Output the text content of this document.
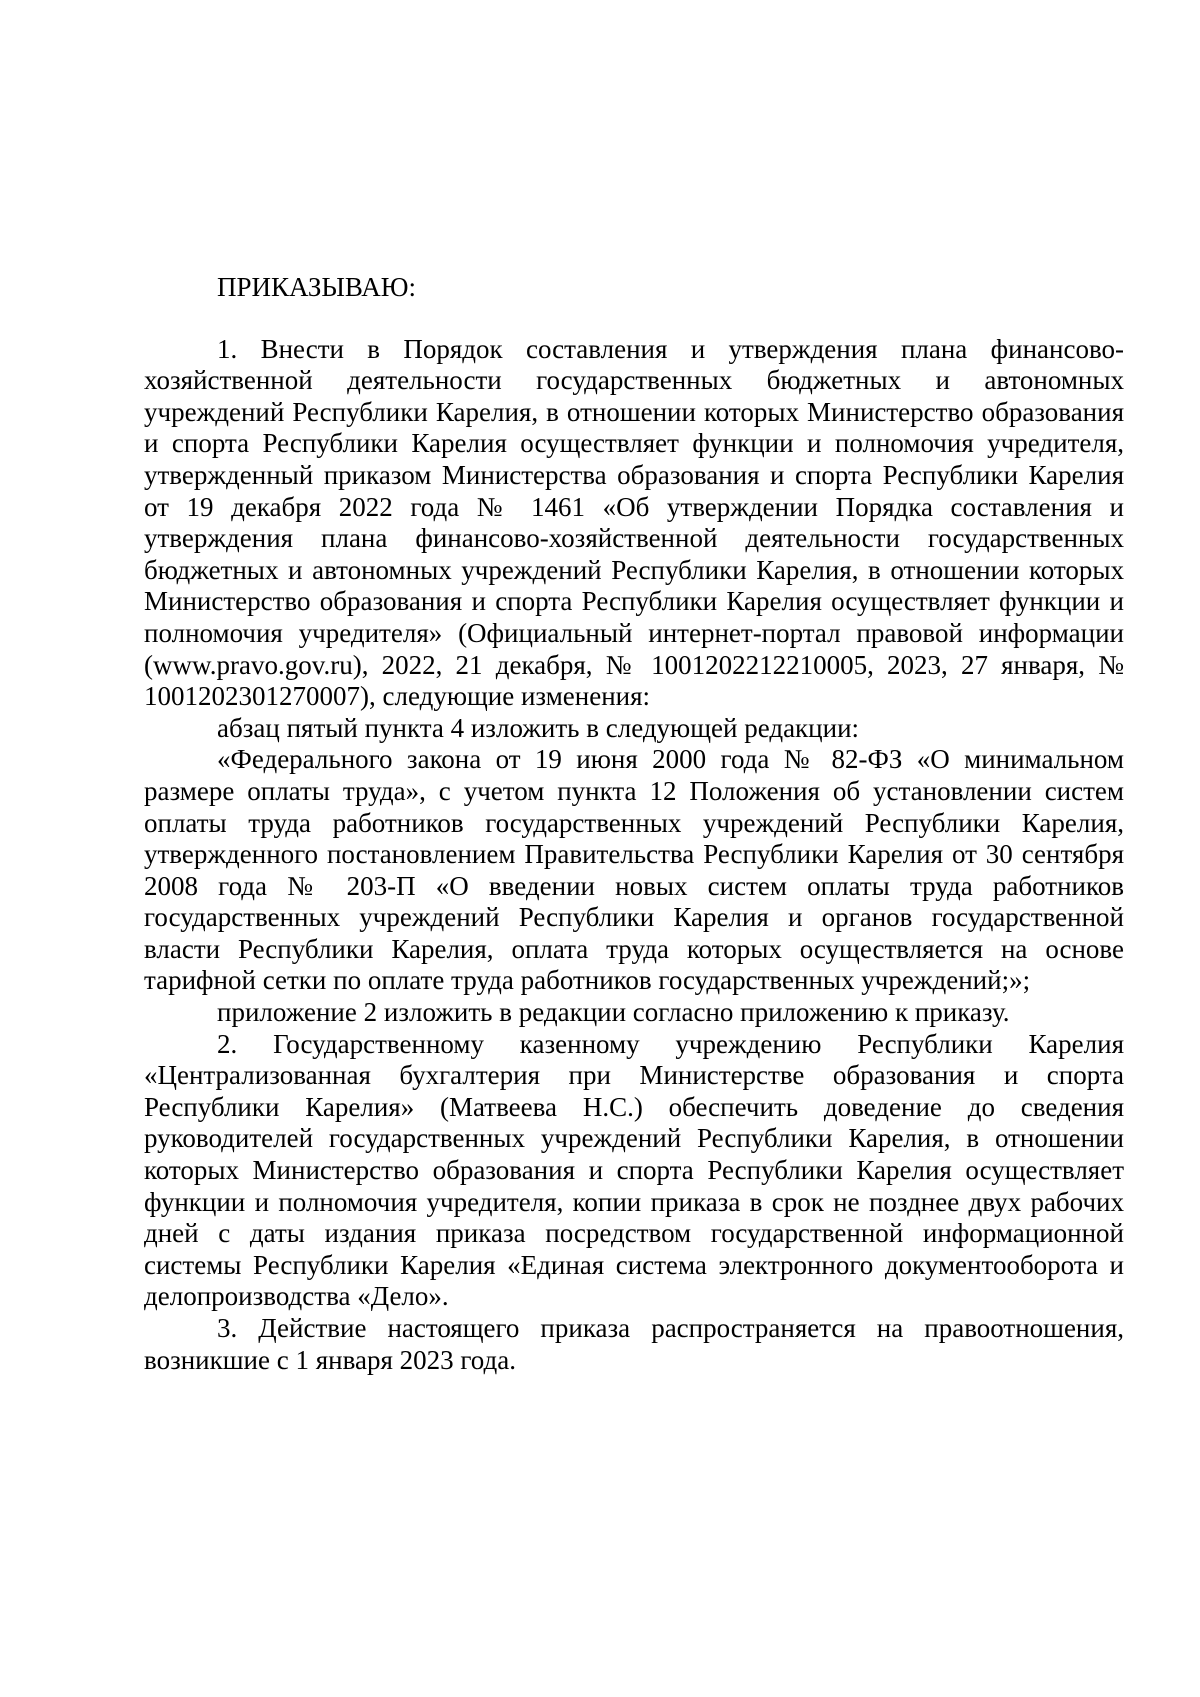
ПРИКАЗЫВАЮ:

1. Внести в Порядок составления и утверждения плана финансово-хозяйственной деятельности государственных бюджетных и автономных учреждений Республики Карелия, в отношении которых Министерство образования и спорта Республики Карелия осуществляет функции и полномочия учредителя, утвержденный приказом Министерства образования и спорта Республики Карелия от 19 декабря 2022 года № 1461 «Об утверждении Порядка составления и утверждения плана финансово-хозяйственной деятельности государственных бюджетных и автономных учреждений Республики Карелия, в отношении которых Министерство образования и спорта Республики Карелия осуществляет функции и полномочия учредителя» (Официальный интернет-портал правовой информации (www.pravo.gov.ru), 2022, 21 декабря, № 1001202212210005, 2023, 27 января, № 1001202301270007), следующие изменения:

абзац пятый пункта 4 изложить в следующей редакции:

«Федерального закона от 19 июня 2000 года № 82-ФЗ «О минимальном размере оплаты труда», с учетом пункта 12 Положения об установлении систем оплаты труда работников государственных учреждений Республики Карелия, утвержденного постановлением Правительства Республики Карелия от 30 сентября 2008 года № 203-П «О введении новых систем оплаты труда работников государственных учреждений Республики Карелия и органов государственной власти Республики Карелия, оплата труда которых осуществляется на основе тарифной сетки по оплате труда работников государственных учреждений;»;

приложение 2 изложить в редакции согласно приложению к приказу.

2. Государственному казенному учреждению Республики Карелия «Централизованная бухгалтерия при Министерстве образования и спорта Республики Карелия» (Матвеева Н.С.) обеспечить доведение до сведения руководителей государственных учреждений Республики Карелия, в отношении которых Министерство образования и спорта Республики Карелия осуществляет функции и полномочия учредителя, копии приказа в срок не позднее двух рабочих дней с даты издания приказа посредством государственной информационной системы Республики Карелия «Единая система электронного документооборота и делопроизводства «Дело».

3. Действие настоящего приказа распространяется на правоотношения, возникшие с 1 января 2023 года.
